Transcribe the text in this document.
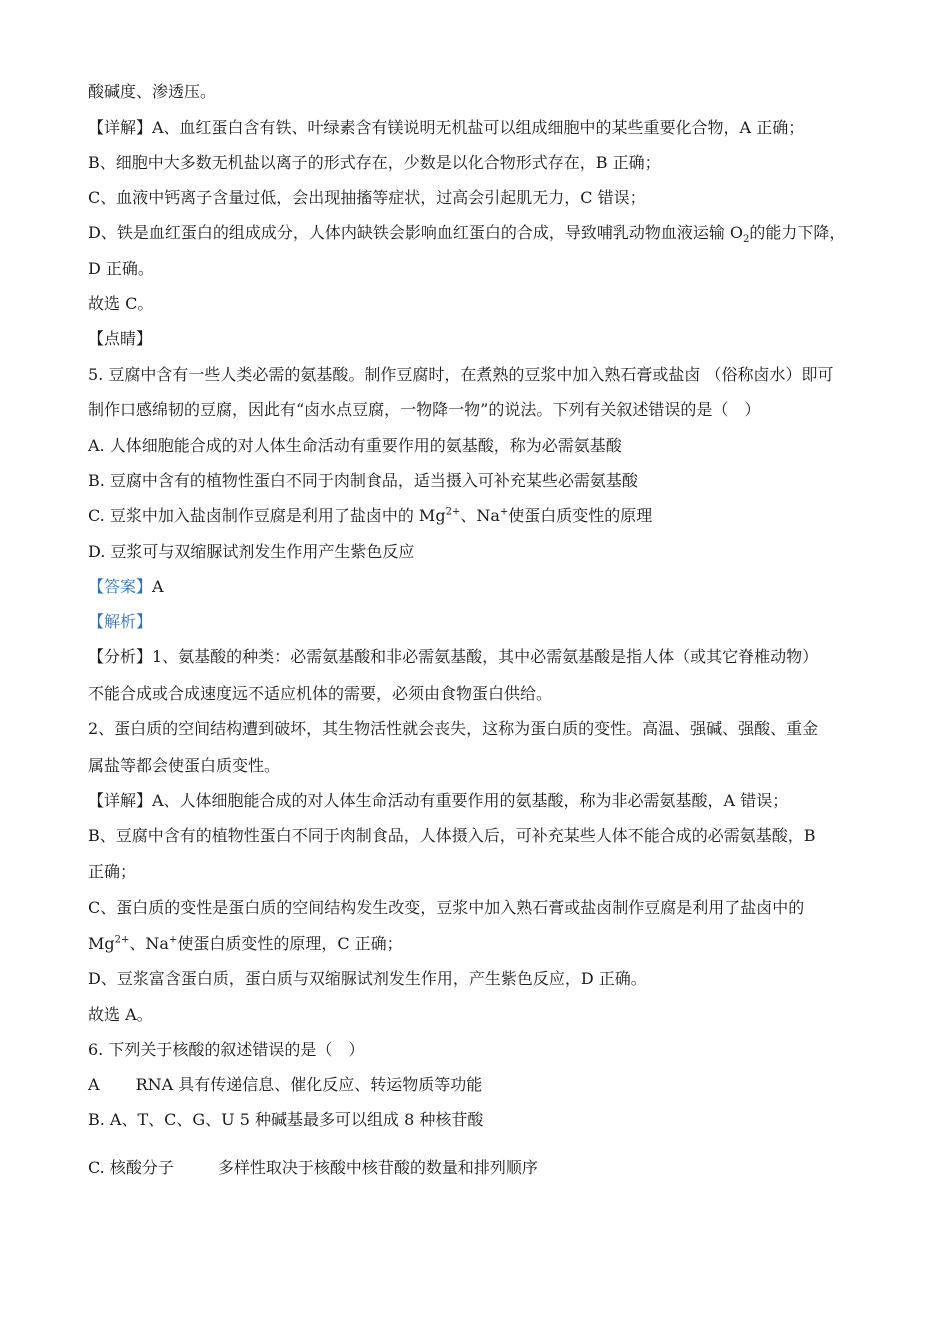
酸碱度、渗透压。
【详解】A、血红蛋白含有铁、叶绿素含有镁说明无机盐可以组成细胞中的某些重要化合物，A 正确；
B、细胞中大多数无机盐以离子的形式存在，少数是以化合物形式存在，B 正确；
C、血液中钙离子含量过低，会出现抽搐等症状，过高会引起肌无力，C 错误；
D、铁是血红蛋白的组成成分，人体内缺铁会影响血红蛋白的合成，导致哺乳动物血液运输 $O_2$的能力下降，
D 正确。
故选 C。
【点睛】
5. 豆腐中含有一些人类必需的氨基酸。制作豆腐时，在煮熟的豆浆中加入熟石膏或盐卤 （俗称卤水）即可
制作口感绵韧的豆腐，因此有“卤水点豆腐，一物降一物”的说法。下列有关叙述错误的是（　）
A. 人体细胞能合成的对人体生命活动有重要作用的氨基酸，称为必需氨基酸
B. 豆腐中含有的植物性蛋白不同于肉制食品，适当摄入可补充某些必需氨基酸
C. 豆浆中加入盐卤制作豆腐是利用了盐卤中的 $Mg^{2+}$、Na+使蛋白质变性的原理
D. 豆浆可与双缩脲试剂发生作用产生紫色反应
【答案】A
【解析】
【分析】1、氨基酸的种类：必需氨基酸和非必需氨基酸，其中必需氨基酸是指人体（或其它脊椎动物）
不能合成或合成速度远不适应机体的需要，必须由食物蛋白供给。
2、蛋白质的空间结构遭到破坏，其生物活性就会丧失，这称为蛋白质的变性。高温、强碱、强酸、重金
属盐等都会使蛋白质变性。
【详解】A、人体细胞能合成的对人体生命活动有重要作用的氨基酸，称为非必需氨基酸，A 错误；
B、豆腐中含有的植物性蛋白不同于肉制食品，人体摄入后，可补充某些人体不能合成的必需氨基酸，B
正确；
C、蛋白质的变性是蛋白质的空间结构发生改变，豆浆中加入熟石膏或盐卤制作豆腐是利用了盐卤中的
$Mg^{2+}$、Na+使蛋白质变性的原理，C 正确；
D、豆浆富含蛋白质，蛋白质与双缩脲试剂发生作用，产生紫色反应，D 正确。
故选 A。
6. 下列关于核酸的叙述错误的是（　）
A RNA 具有传递信息、催化反应、转运物质等功能
B. A、T、C、G、U 5 种碱基最多可以组成 8 种核苷酸
C. 核酸分子	多样性取决于核酸中核苷酸的数量和排列顺序
